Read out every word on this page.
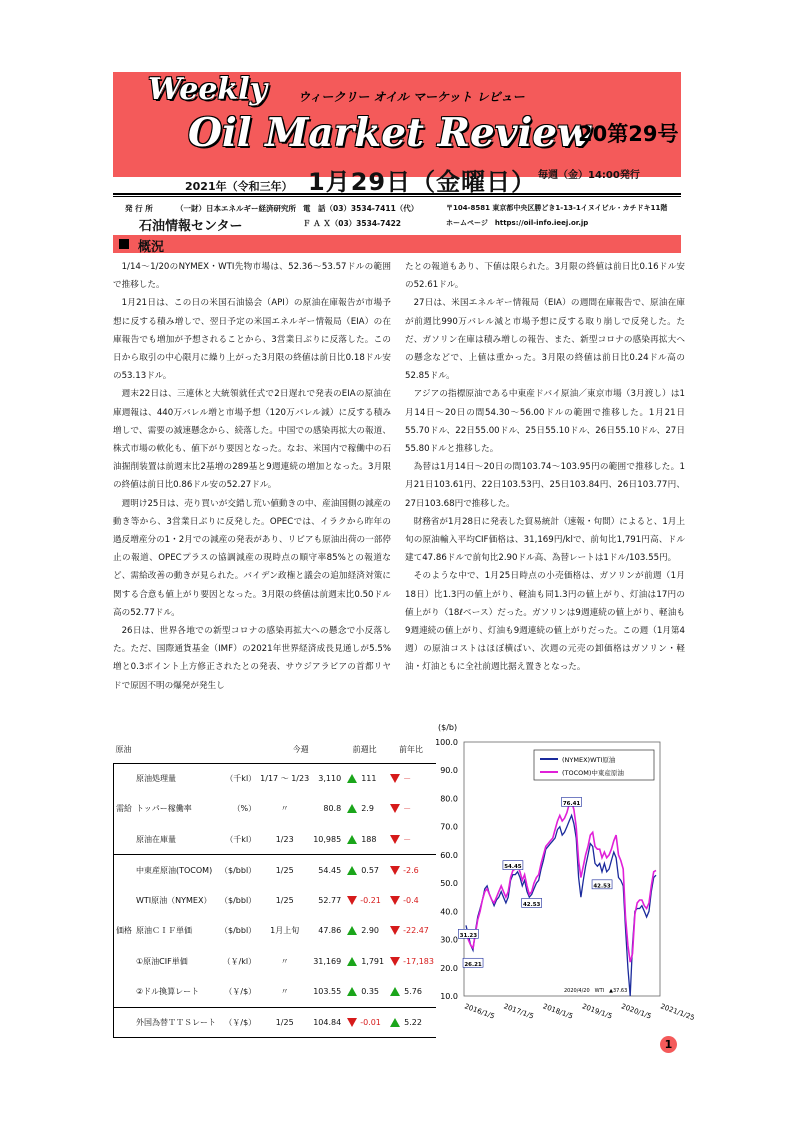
Weekly	ウィークリー オイル マーケット レビュー
Oil Market Review
20第29号
2021年（令和三年） 1月29日（金曜日） 毎週（金）14:00発行
発 行 所	（一財）日本エネルギー経済研究所
石油情報センター
電　話（03）3534-7411（代）
Ｆ Ａ Ｘ（03）3534-7422
〒104-8581 東京都中央区勝どき1-13-1イヌイビル・カチドキ11階
ホームページ　https://oil-info.ieej.or.jp
概況

1/14～1/20のNYMEX・WTI先物市場は、52.36～53.57ドルの範囲で推移した。

1月21日は、この日の米国石油協会（API）の原油在庫報告が市場予想に反する積み増しで、翌日予定の米国エネルギー情報局（EIA）の在庫報告でも増加が予想されることから、3営業日ぶりに反落した。この日から取引の中心限月に繰り上がった3月限の終値は前日比0.18ドル安の53.13ドル。

週末22日は、三連休と大統領就任式で2日遅れで発表のEIAの原油在庫週報は、440万バレル増と市場予想（120万バレル減）に反する積み増しで、需要の減速懸念から、続落した。中国での感染再拡大の報道、株式市場の軟化も、値下がり要因となった。なお、米国内で稼働中の石油掘削装置は前週末比2基増の289基と9週連続の増加となった。3月限の終値は前日比0.86ドル安の52.27ドル。

週明け25日は、売り買いが交錯し荒い値動きの中、産油国側の減産の動き等から、3営業日ぶりに反発した。OPECでは、イラクから昨年の過反増産分の1・2月での減産の発表があり、リビアも原油出荷の一部停止の報道、OPECプラスの協調減産の現時点の順守率85%との報道など、需給改善の動きが見られた。バイデン政権と議会の追加経済対策に関する合意も値上がり要因となった。3月限の終値は前週末比0.50ドル高の52.77ドル。

26日は、世界各地での新型コロナの感染再拡大への懸念で小反落した。ただ、国際通貨基金（IMF）の2021年世界経済成長見通しが5.5%増と0.3ポイント上方修正されたとの発表、サウジアラビアの首都リヤドで原因不明の爆発が発生し

たとの報道もあり、下値は限られた。3月限の終値は前日比0.16ドル安の52.61ドル。

27日は、米国エネルギー情報局（EIA）の週間在庫報告で、原油在庫が前週比990万バレル減と市場予想に反する取り崩しで反発した。ただ、ガソリン在庫は積み増しの報告、また、新型コロナの感染再拡大への懸念などで、上値は重かった。3月限の終値は前日比0.24ドル高の52.85ドル。

アジアの指標原油である中東産ドバイ原油／東京市場（3月渡し）は1月14日～20日の間54.30～56.00ドルの範囲で推移した。1月21日55.70ドル、22日55.00ドル、25日55.10ドル、26日55.10ドル、27日55.80ドルと推移した。

為替は1月14日～20日の間103.74～103.95円の範囲で推移した。1月21日103.61円、22日103.53円、25日103.84円、26日103.77円、27日103.68円で推移した。

財務省が1月28日に発表した貿易統計（速報・旬間）によると、1月上旬の原油輸入平均CIF価格は、31,169円/klで、前旬比1,791円高、ドル建て47.86ドルで前旬比2.90ドル高、為替レートは1ドル/103.55円。

そのような中で、1月25日時点の小売価格は、ガソリンが前週（1月18日）比1.3円の値上がり、軽油も同1.3円の値上がり、灯油は17円の値上がり（18ℓベース）だった。ガソリンは9週連続の値上がり、軽油も9週連続の値上がり、灯油も9週連続の値上がりだった。この週（1月第4週）の原油コストはほぼ横ばい、次週の元売の卸価格はガソリン・軽油・灯油ともに全社前週比据え置きとなった。

原油			今週		前週比	前年比
需給	原油処理量	（千kl）	1/17 ～ 1/23	3,110	111	－
	トッパー稼働率	（%）	〃	80.8	2.9	－
	原油在庫量	（千kl）	1/23	10,985	188	－
価格	中東産原油(TOCOM)	（$/bbl）	1/25	54.45	0.57	-2.6
	WTI原油（NYMEX）	（$/bbl）	1/25	52.77	-0.21	-0.4
	原油ＣＩＦ単価	（$/bbl）	1月上旬	47.86	2.90	-22.47
	①原油CIF単価	（￥/kl）	〃	31,169	1,791	-17,183
	②ドル換算レート	（￥/$）	〃	103.55	0.35	5.76
	外国為替ＴＴＳレート	（￥/$）	1/25	104.84	-0.01	5.22
($/b)
10.0
20.0
30.0
40.0
50.0
60.0
70.0
80.0
90.0
100.0
2016/1/5 2017/1/5 2018/1/5 2019/1/5 2020/1/5 2021/1/25
(NYMEX)WTI原油
(TOCOM)中東産原油
31.23
26.21
54.45
42.53
76.41
42.53
2020/4/20　WTI　▲37.63
1
